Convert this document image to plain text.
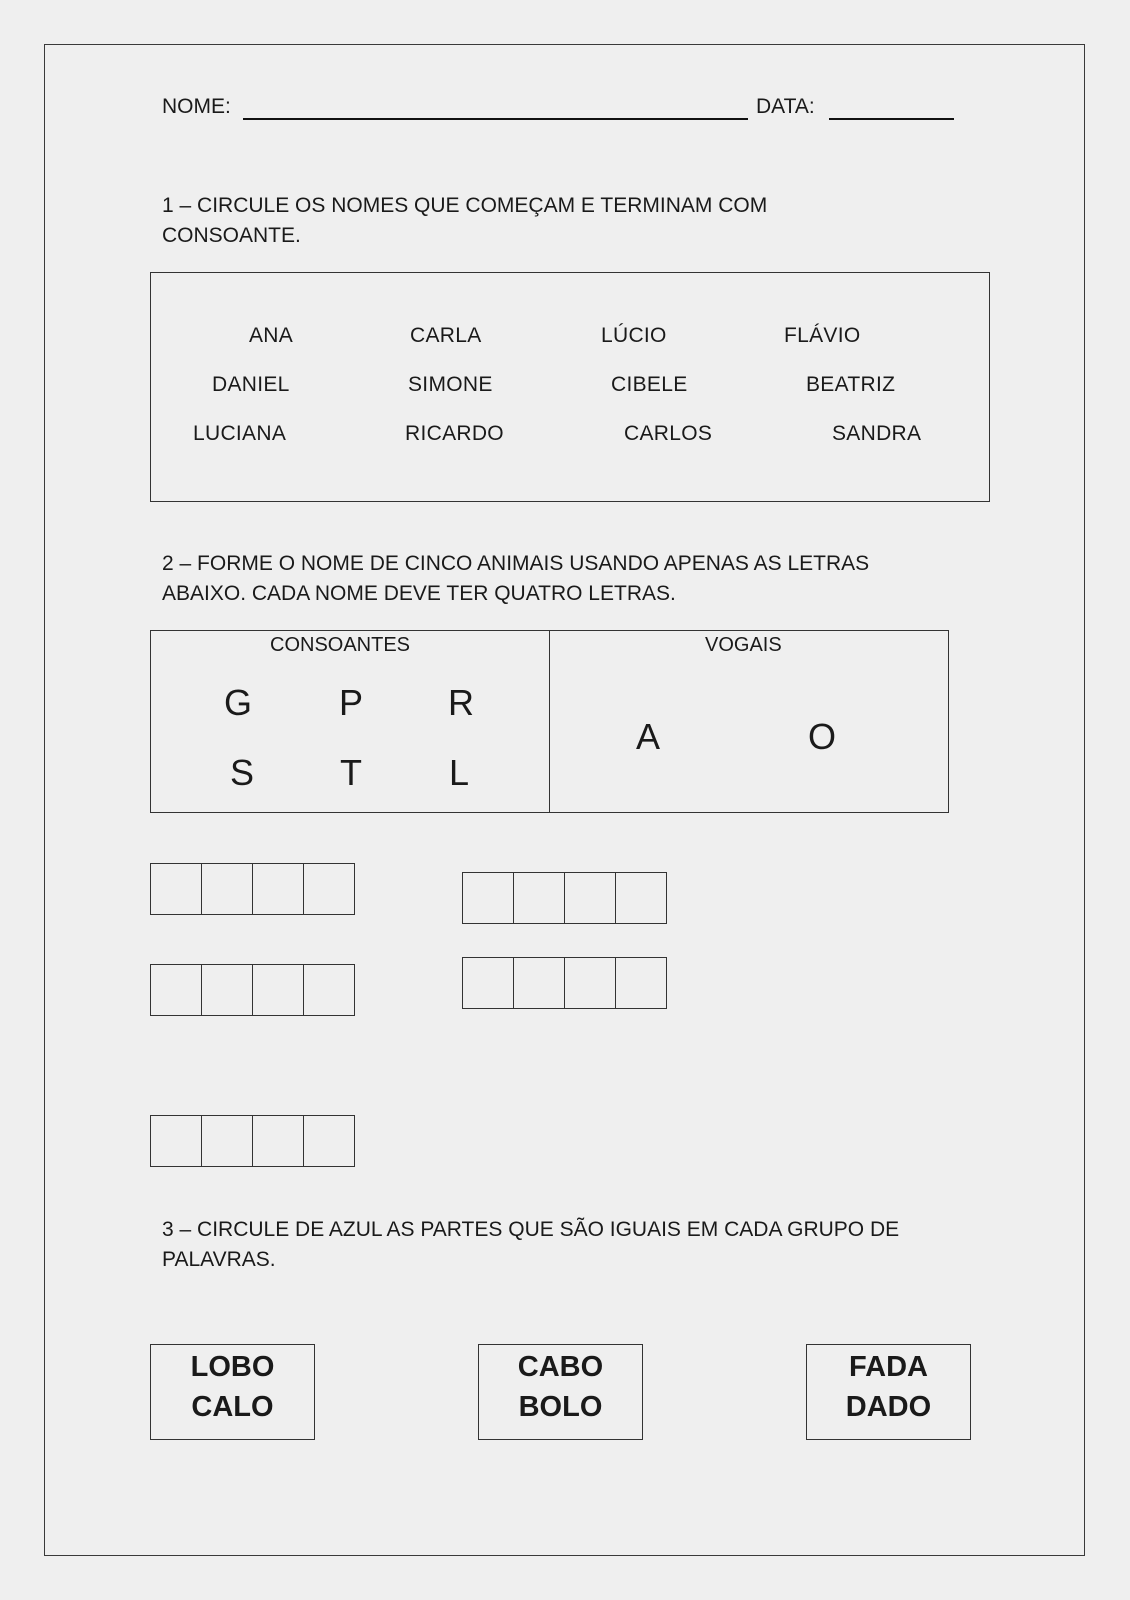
NOME:	DATA:
1 – CIRCULE OS NOMES QUE COMEÇAM E TERMINAM COM
CONSOANTE.
ANA	CARLA	LÚCIO	FLÁVIO
DANIEL	SIMONE	CIBELE	BEATRIZ
LUCIANA	RICARDO	CARLOS	SANDRA
2 – FORME O NOME DE CINCO ANIMAIS USANDO APENAS AS LETRAS
ABAIXO. CADA NOME DEVE TER QUATRO LETRAS.
CONSOANTES	VOGAIS
G P R
S T L
A	O
3 – CIRCULE DE AZUL AS PARTES QUE SÃO IGUAIS EM CADA GRUPO DE
PALAVRAS.
LOBO
CALO
CABO
BOLO
FADA
DADO
